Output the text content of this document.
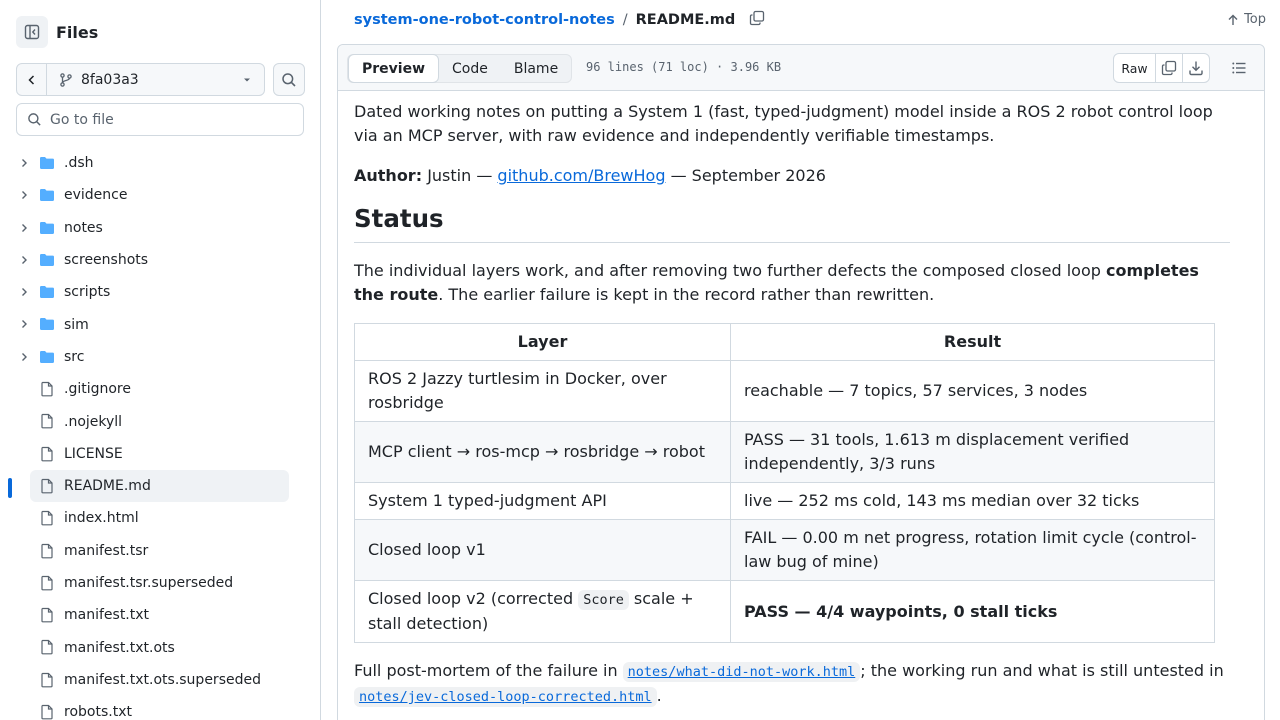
Files
8fa03a3
Go to file
.dsh
evidence
notes
screenshots
scripts
sim
src
.gitignore
.nojekyll
LICENSE
README.md
index.html
manifest.tsr
manifest.tsr.superseded
manifest.txt
manifest.txt.ots
manifest.txt.ots.superseded
robots.txt
system-one-robot-control-notes / README.md	Top
Preview	Code	Blame	96 lines (71 loc) · 3.96 KB	Raw

Dated working notes on putting a System 1 (fast, typed-judgment) model inside a ROS 2 robot control loop via an MCP server, with raw evidence and independently verifiable timestamps.

Author: Justin — github.com/BrewHog — September 2026

Status

The individual layers work, and after removing two further defects the composed closed loop completes the route. The earlier failure is kept in the record rather than rewritten.

Layer	Result
ROS 2 Jazzy turtlesim in Docker, over rosbridge	reachable — 7 topics, 57 services, 3 nodes
MCP client → ros-mcp → rosbridge → robot	PASS — 31 tools, 1.613 m displacement verified independently, 3/3 runs
System 1 typed-judgment API	live — 252 ms cold, 143 ms median over 32 ticks
Closed loop v1	FAIL — 0.00 m net progress, rotation limit cycle (control-law bug of mine)
Closed loop v2 (corrected Score scale + stall detection)	PASS — 4/4 waypoints, 0 stall ticks

Full post-mortem of the failure in notes/what-did-not-work.html ; the working run and what is still untested in notes/jev-closed-loop-corrected.html .
